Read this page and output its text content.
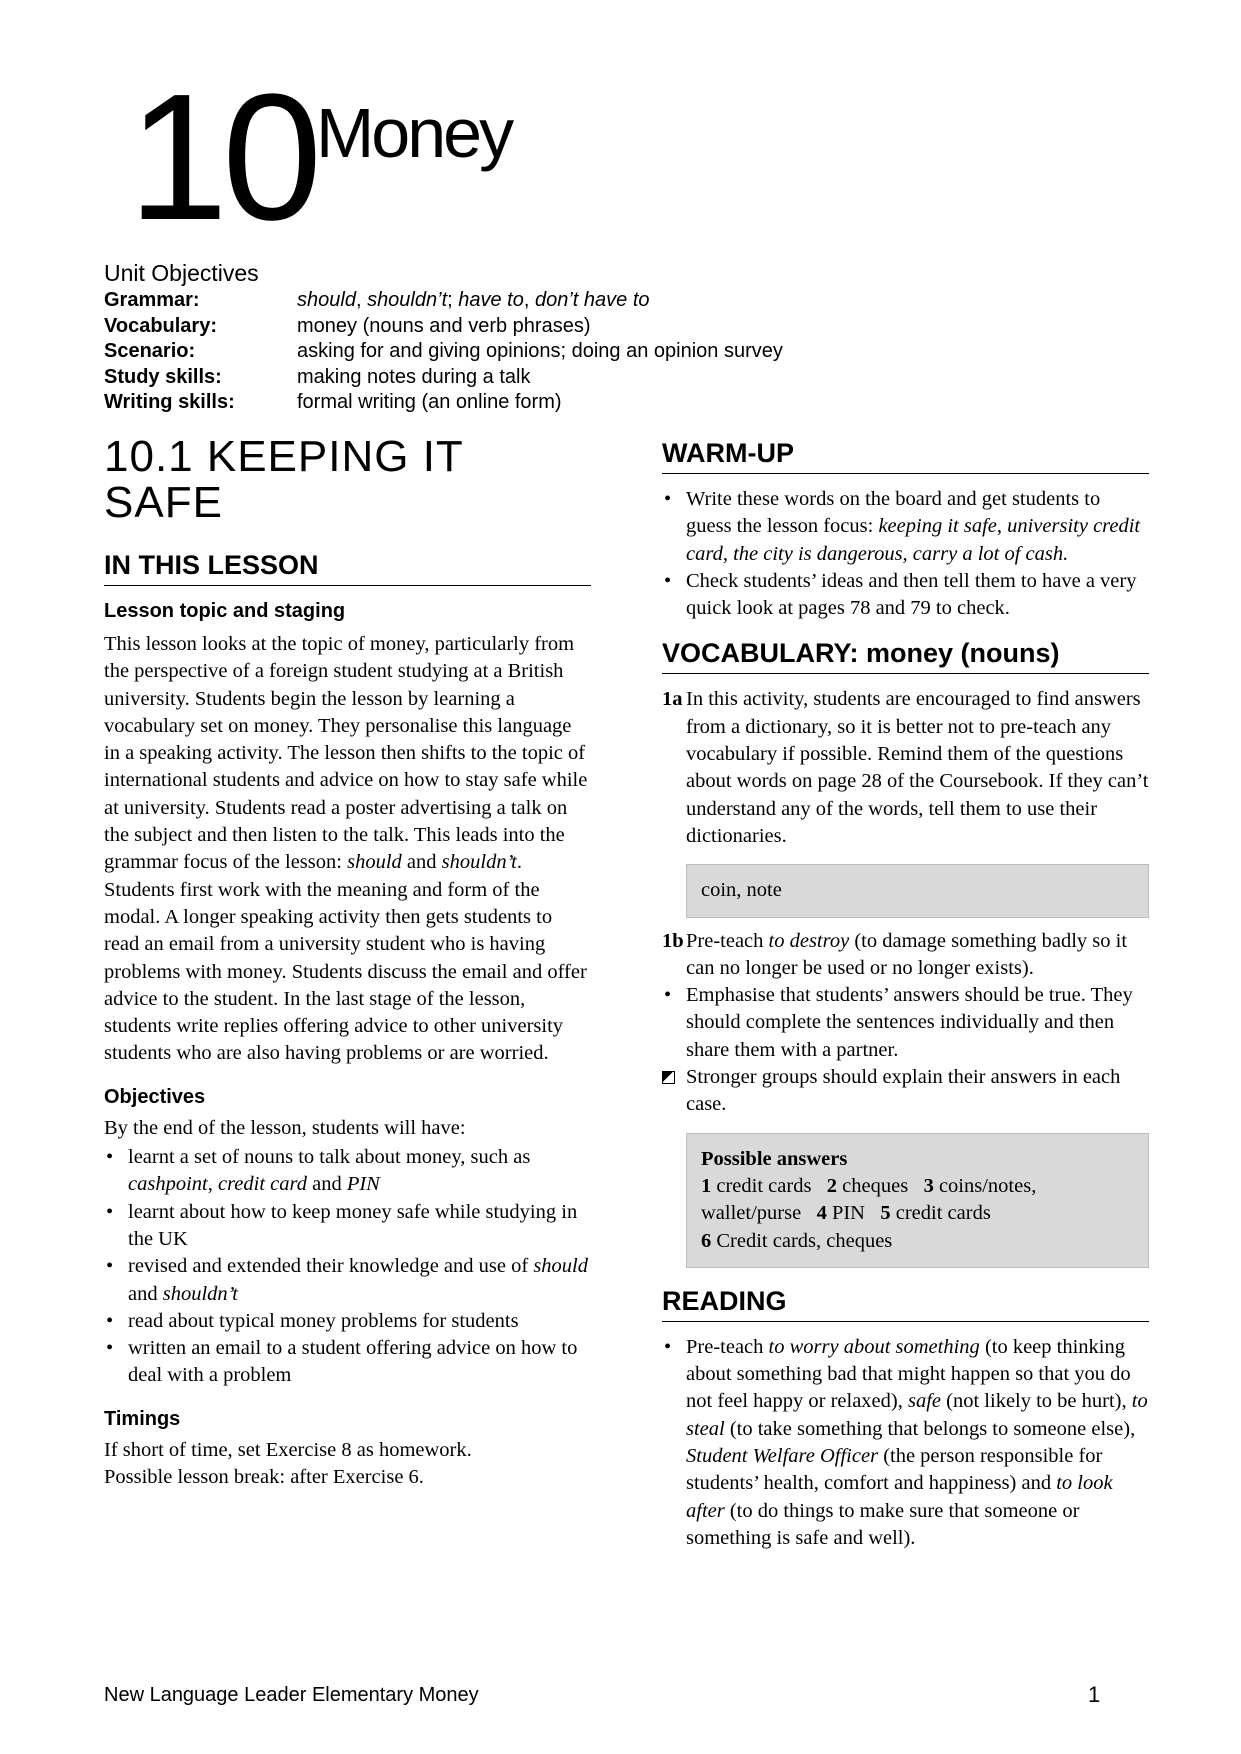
10 Money
Unit Objectives
Grammar:	should, shouldn’t; have to, don’t have to
Vocabulary:	money (nouns and verb phrases)
Scenario:	asking for and giving opinions; doing an opinion survey
Study skills:	making notes during a talk
Writing skills:	formal writing (an online form)
10.1 KEEPING IT
SAFE
IN THIS LESSON
Lesson topic and staging

This lesson looks at the topic of money, particularly from the perspective of a foreign student studying at a British university. Students begin the lesson by learning a vocabulary set on money. They personalise this language in a speaking activity. The lesson then shifts to the topic of international students and advice on how to stay safe while at university. Students read a poster advertising a talk on the subject and then listen to the talk. This leads into the grammar focus of the lesson: should and shouldn’t. Students first work with the meaning and form of the modal. A longer speaking activity then gets students to read an email from a university student who is having problems with money. Students discuss the email and offer advice to the student. In the last stage of the lesson, students write replies offering advice to other university students who are also having problems or are worried.

Objectives

By the end of the lesson, students will have:

• learnt a set of nouns to talk about money, such as cashpoint, credit card and PIN
• learnt about how to keep money safe while studying in the UK
• revised and extended their knowledge and use of should and shouldn’t
• read about typical money problems for students
• written an email to a student offering advice on how to deal with a problem
Timings

If short of time, set Exercise 8 as homework.
Possible lesson break: after Exercise 6.

WARM-UP
• Write these words on the board and get students to guess the lesson focus: keeping it safe, university credit card, the city is dangerous, carry a lot of cash.
• Check students’ ideas and then tell them to have a very quick look at pages 78 and 79 to check.
VOCABULARY: money (nouns)
1a In this activity, students are encouraged to find answers from a dictionary, so it is better not to pre-teach any vocabulary if possible. Remind them of the questions about words on page 28 of the Coursebook. If they can’t understand any of the words, tell them to use their dictionaries.
coin, note
1b Pre-teach to destroy (to damage something badly so it can no longer be used or no longer exists).
• Emphasise that students’ answers should be true. They should complete the sentences individually and then share them with a partner.
Stronger groups should explain their answers in each case.
Possible answers
1 credit cards 2 cheques 3 coins/notes, wallet/purse 4 PIN 5 credit cards
6 Credit cards, cheques
READING
• Pre-teach to worry about something (to keep thinking about something bad that might happen so that you do not feel happy or relaxed), safe (not likely to be hurt), to steal (to take something that belongs to someone else), Student Welfare Officer (the person responsible for students’ health, comfort and happiness) and to look after (to do things to make sure that someone or something is safe and well).
New Language Leader Elementary Money	1
